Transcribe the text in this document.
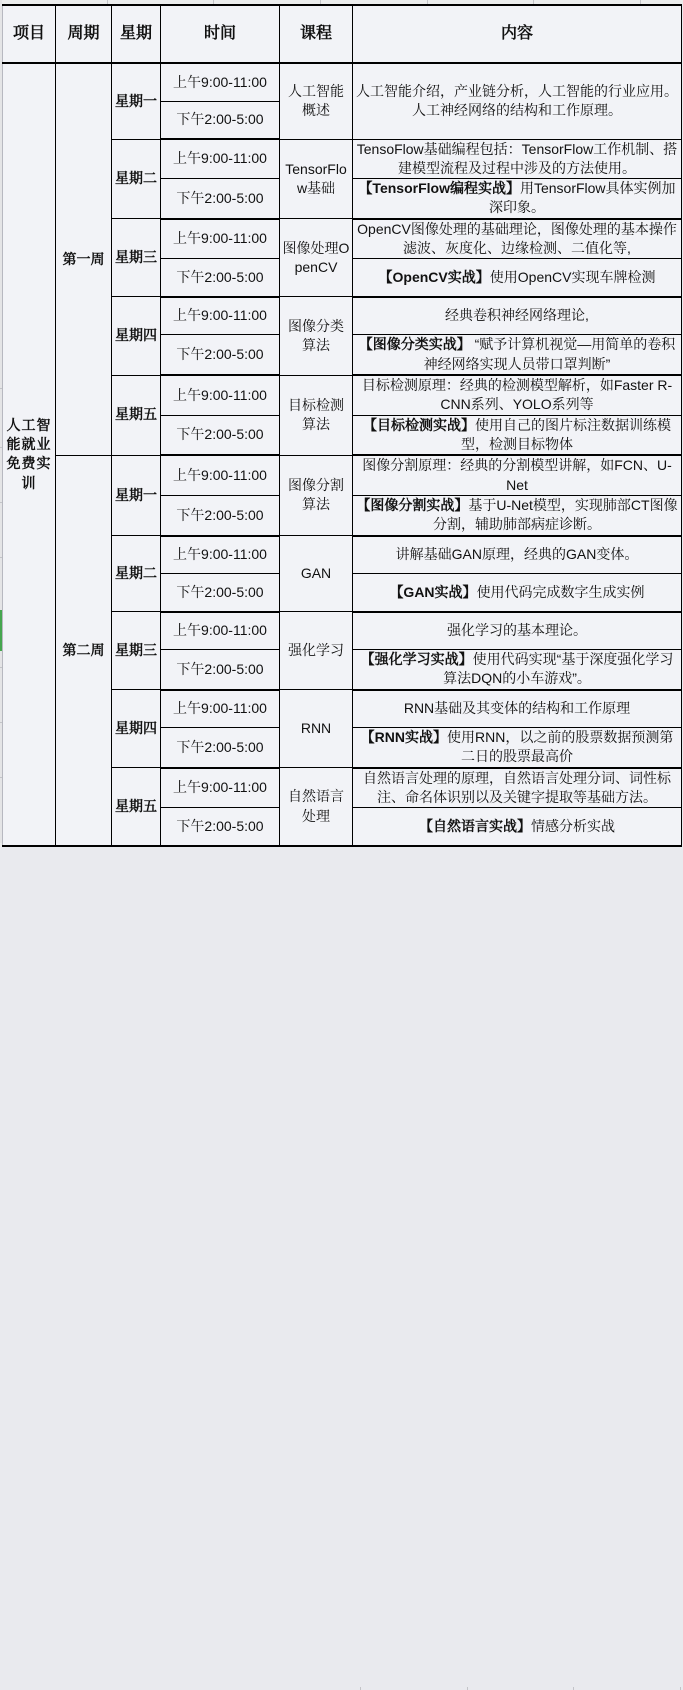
项目	周期	星期	时间	课程	内容
人工智能就业免费实训	第一周	星期一	上午9:00-11:00	人工智能概述	人工智能介绍，产业链分析，人工智能的行业应用。人工神经网络的结构和工作原理。
			下午2:00-5:00		
		星期二	上午9:00-11:00	TensorFlow基础	TensoFlow基础编程包括：TensorFlow工作机制、搭建模型流程及过程中涉及的方法使用。
			下午2:00-5:00		【TensorFlow编程实战】用TensorFlow具体实例加深印象。
		星期三	上午9:00-11:00	图像处理OpenCV	OpenCV图像处理的基础理论，图像处理的基本操作滤波、灰度化、边缘检测、二值化等,
			下午2:00-5:00		【OpenCV实战】使用OpenCV实现车牌检测
		星期四	上午9:00-11:00	图像分类算法	经典卷积神经网络理论,
			下午2:00-5:00		【图像分类实战】 “赋予计算机视觉—用简单的卷积神经网络实现人员带口罩判断”
		星期五	上午9:00-11:00	目标检测算法	目标检测原理：经典的检测模型解析，如Faster R-CNN系列、YOLO系列等
			下午2:00-5:00		【目标检测实战】使用自己的图片标注数据训练模型，检测目标物体
	第二周	星期一	上午9:00-11:00	图像分割算法	图像分割原理：经典的分割模型讲解，如FCN、U-Net
			下午2:00-5:00		【图像分割实战】基于U-Net模型，实现肺部CT图像分割，辅助肺部病症诊断。
		星期二	上午9:00-11:00	GAN	讲解基础GAN原理，经典的GAN变体。
			下午2:00-5:00		【GAN实战】使用代码完成数字生成实例
		星期三	上午9:00-11:00	强化学习	强化学习的基本理论。
			下午2:00-5:00		【强化学习实战】使用代码实现“基于深度强化学习算法DQN的小车游戏”。
		星期四	上午9:00-11:00	RNN	RNN基础及其变体的结构和工作原理
			下午2:00-5:00		【RNN实战】使用RNN，以之前的股票数据预测第二日的股票最高价
		星期五	上午9:00-11:00	自然语言处理	自然语言处理的原理，自然语言处理分词、词性标注、命名体识别以及关键字提取等基础方法。
			下午2:00-5:00		【自然语言实战】情感分析实战
